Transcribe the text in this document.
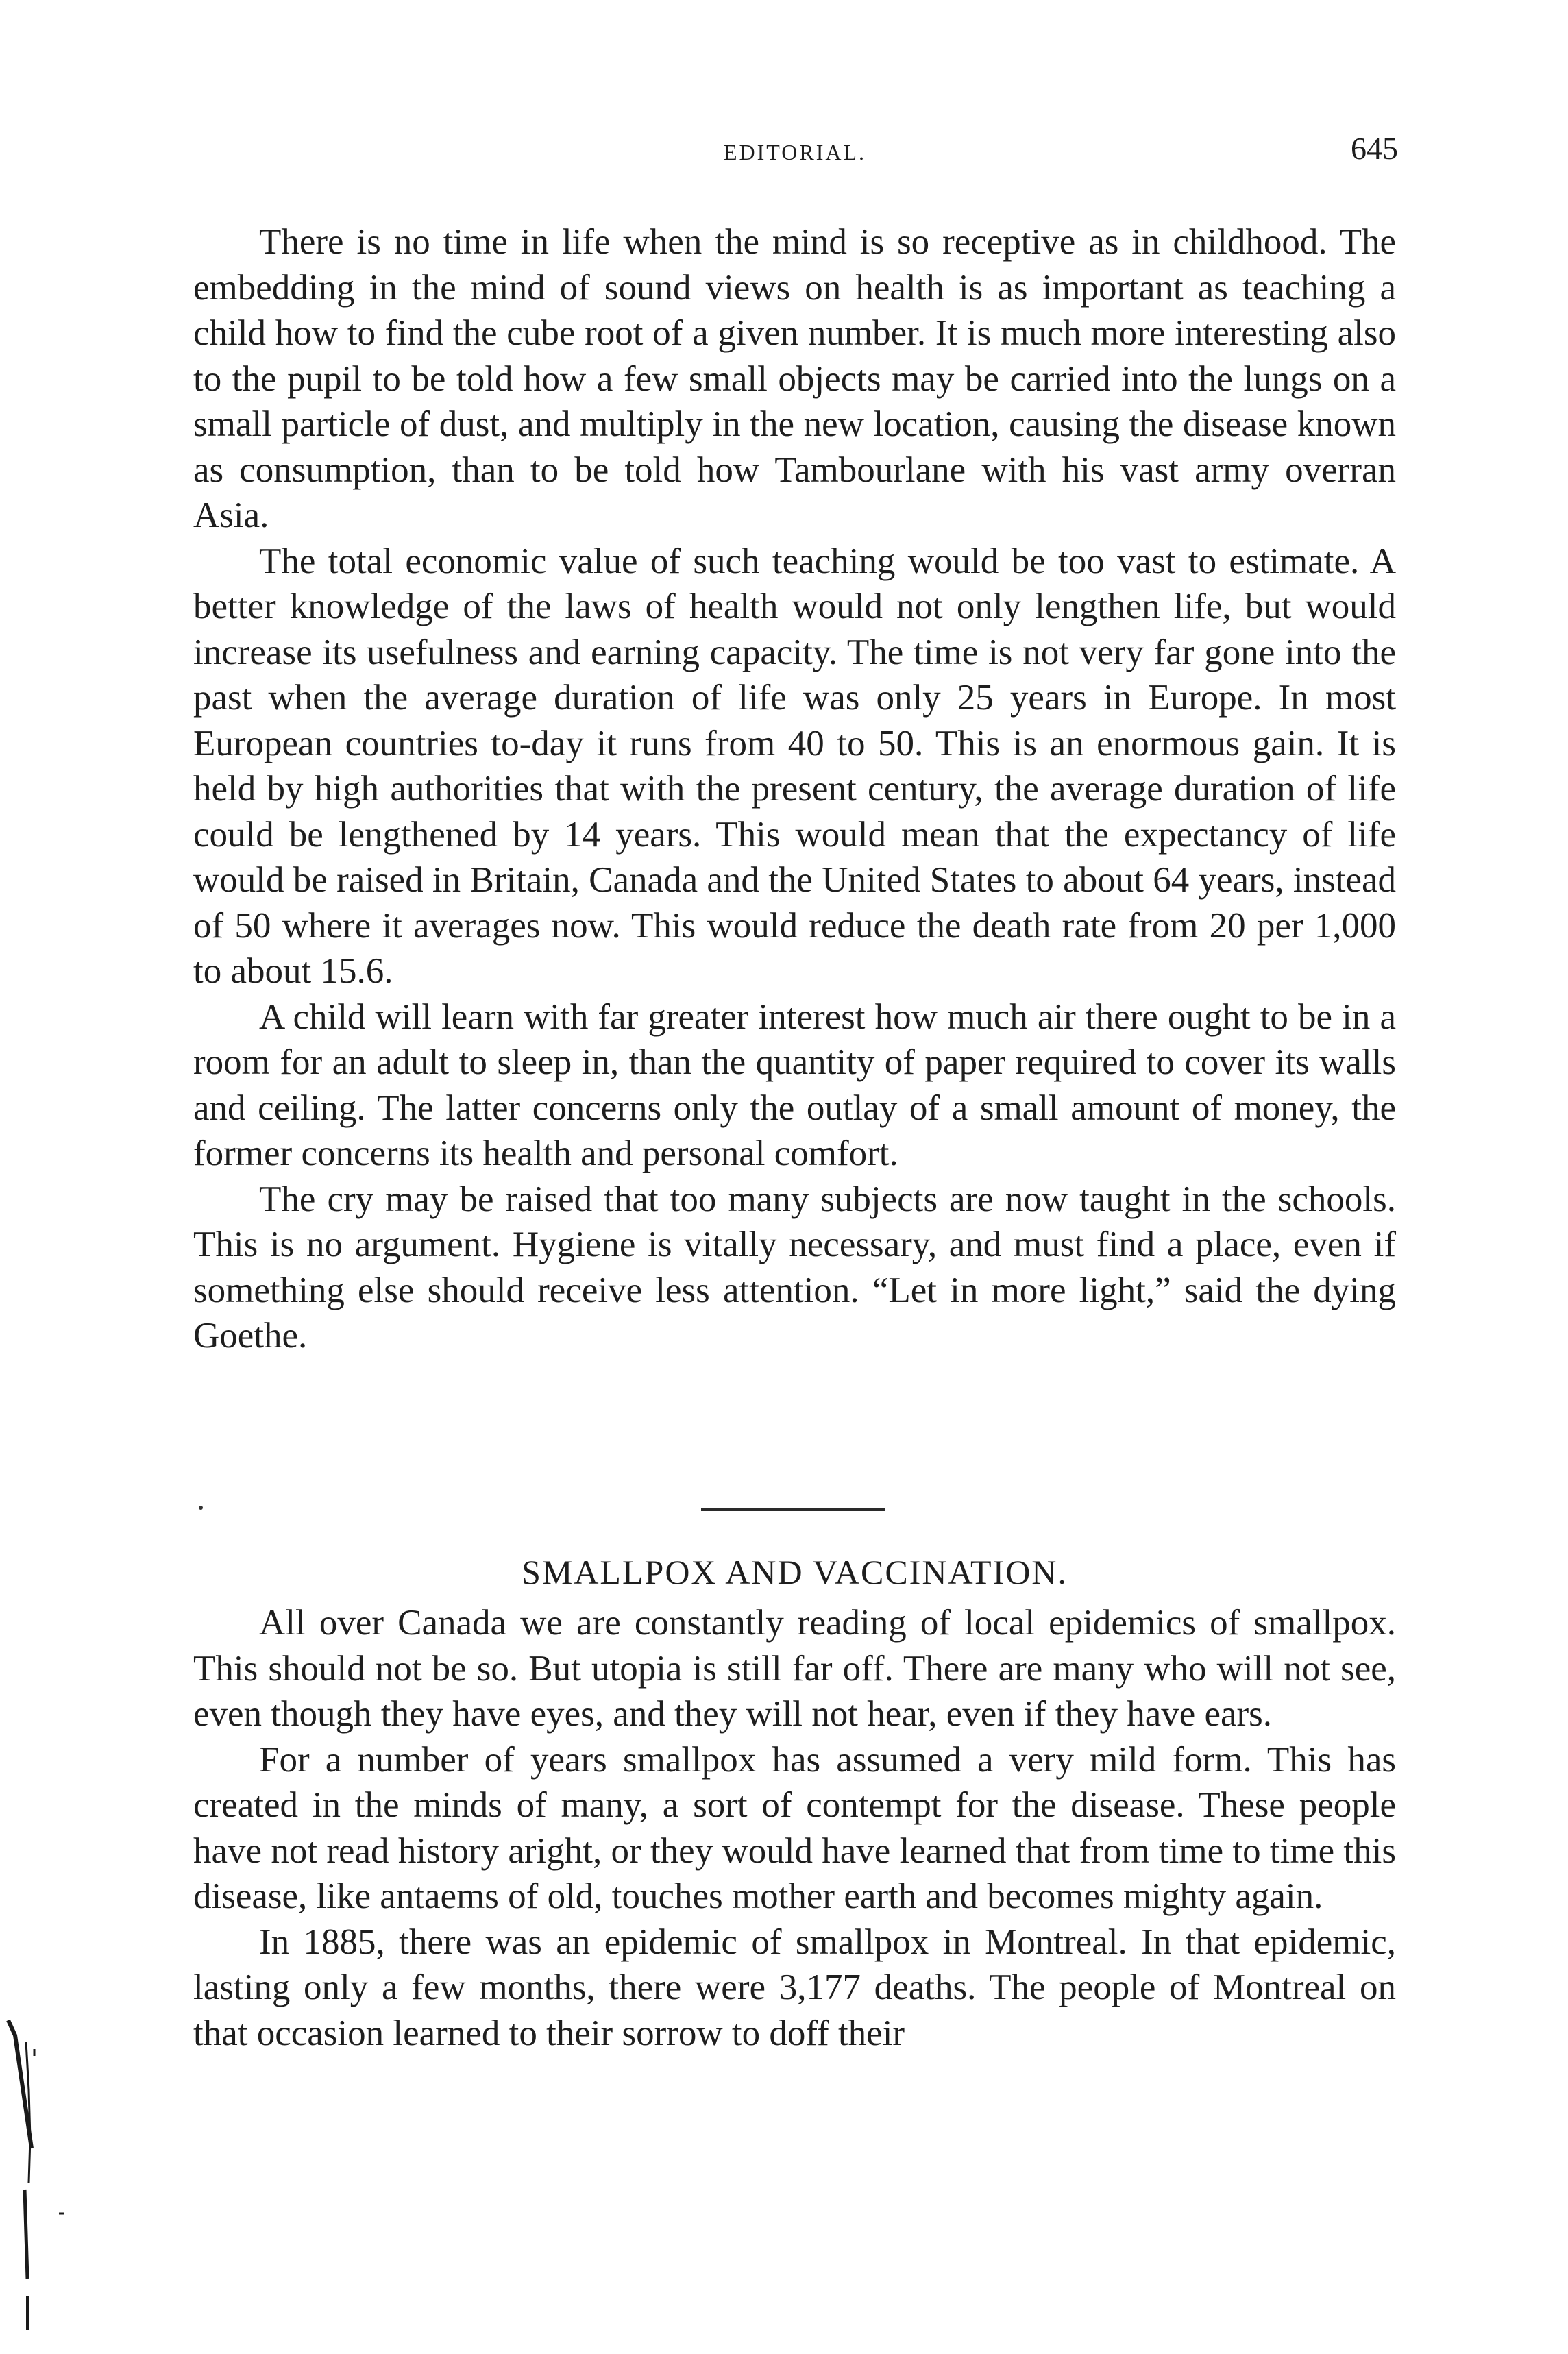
EDITORIAL.	645

There is no time in life when the mind is so receptive as in childhood. The embedding in the mind of sound views on health is as important as teaching a child how to find the cube root of a given number. It is much more interesting also to the pupil to be told how a few small objects may be carried into the lungs on a small particle of dust, and multiply in the new location, causing the disease known as consumption, than to be told how Tambourlane with his vast army overran Asia.

The total economic value of such teaching would be too vast to estimate. A better knowledge of the laws of health would not only lengthen life, but would increase its usefulness and earning capacity. The time is not very far gone into the past when the average duration of life was only 25 years in Europe. In most European countries to-day it runs from 40 to 50. This is an enormous gain. It is held by high authorities that with the present century, the average duration of life could be lengthened by 14 years. This would mean that the expectancy of life would be raised in Britain, Canada and the United States to about 64 years, instead of 50 where it averages now. This would reduce the death rate from 20 per 1,000 to about 15.6.

A child will learn with far greater interest how much air there ought to be in a room for an adult to sleep in, than the quantity of paper required to cover its walls and ceiling. The latter concerns only the outlay of a small amount of money, the former concerns its health and personal comfort.

The cry may be raised that too many subjects are now taught in the schools. This is no argument. Hygiene is vitally necessary, and must find a place, even if something else should receive less attention. “Let in more light,” said the dying Goethe.

SMALLPOX AND VACCINATION.

All over Canada we are constantly reading of local epidemics of smallpox. This should not be so. But utopia is still far off. There are many who will not see, even though they have eyes, and they will not hear, even if they have ears.

For a number of years smallpox has assumed a very mild form. This has created in the minds of many, a sort of contempt for the disease. These people have not read history aright, or they would have learned that from time to time this disease, like antaems of old, touches mother earth and becomes mighty again.

In 1885, there was an epidemic of smallpox in Montreal. In that epidemic, lasting only a few months, there were 3,177 deaths. The people of Montreal on that occasion learned to their sorrow to doff their
